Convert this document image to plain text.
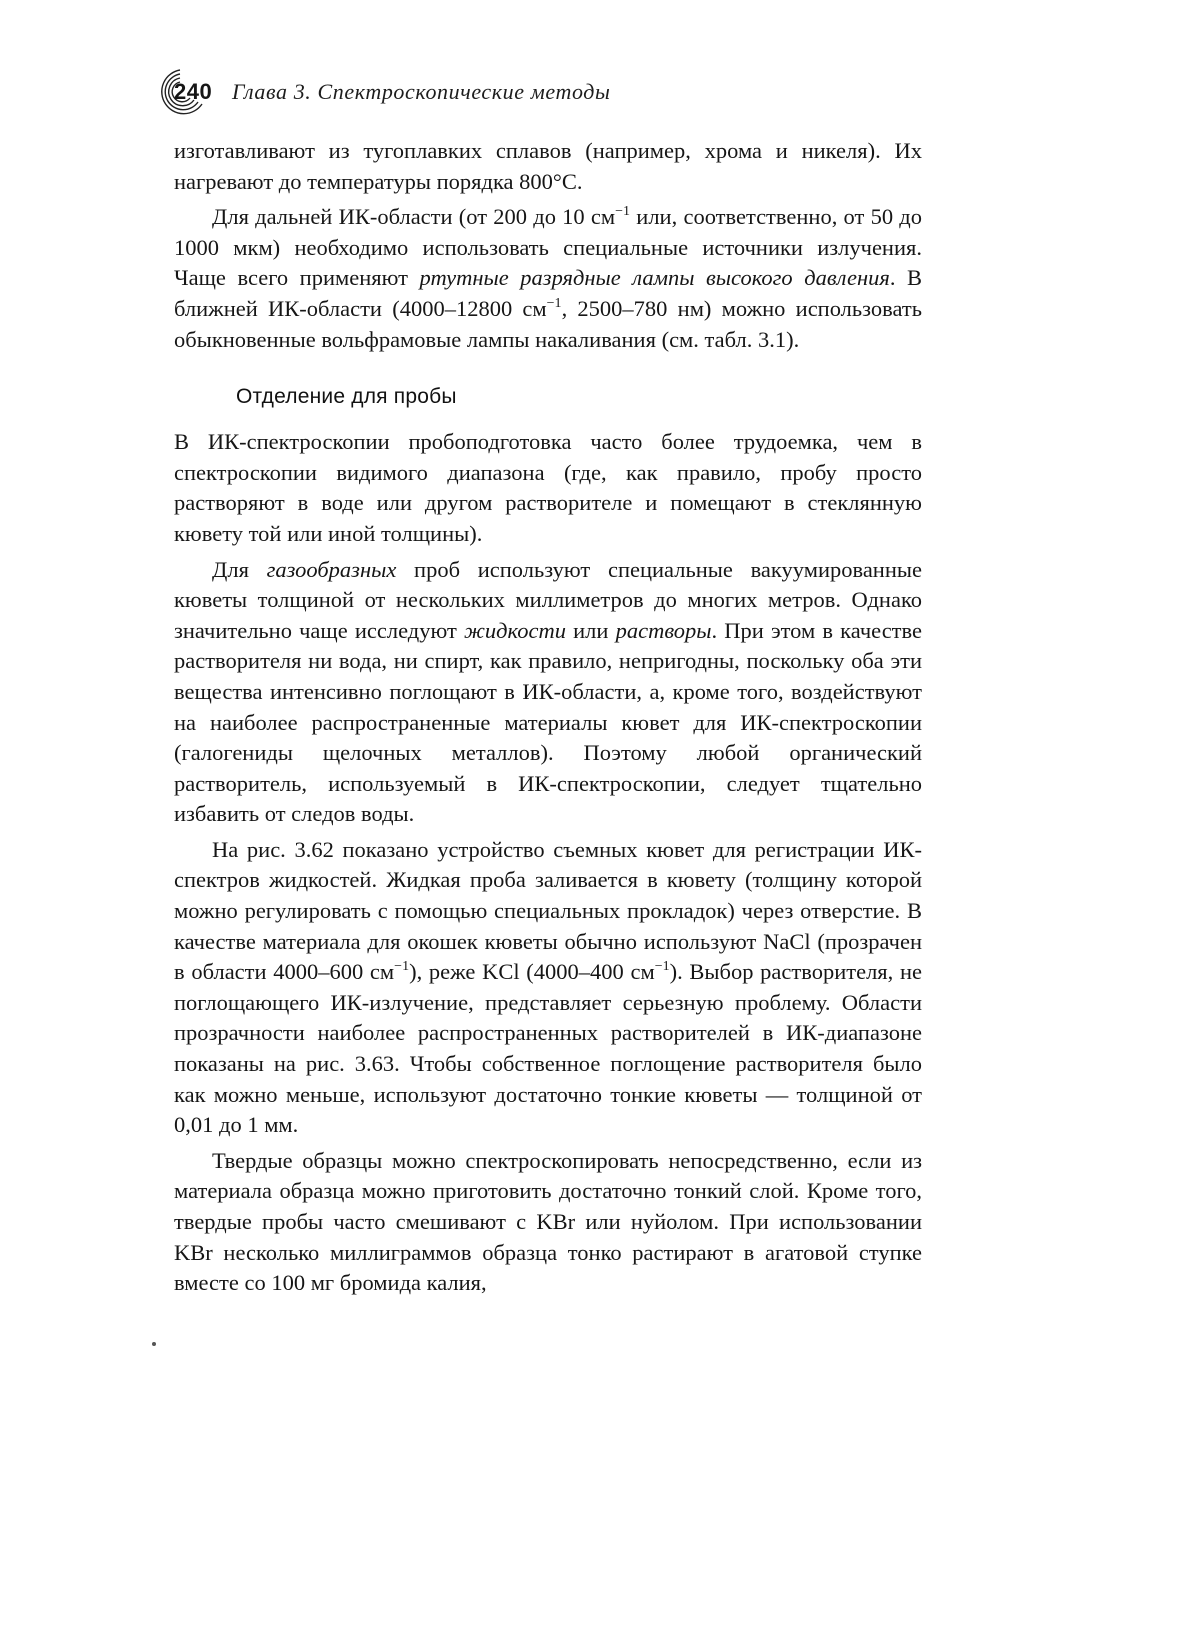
240 Глава 3. Спектроскопические методы

изготавливают из тугоплавких сплавов (например, хрома и никеля). Их нагревают до температуры порядка 800°C.

Для дальней ИК-области (от 200 до 10 $см^{-1}$ или, соответственно, от 50 до 1000 мкм) необходимо использовать специальные источники излучения. Чаще всего применяют ртутные разрядные лампы высокого давления. В ближней ИК-области (4000–12800 $см^{-1}$, 2500–780 нм) можно использовать обыкновенные вольфрамовые лампы накаливания (см. табл. 3.1).

Отделение для пробы

В ИК-спектроскопии пробоподготовка часто более трудоемка, чем в спектроскопии видимого диапазона (где, как правило, пробу просто растворяют в воде или другом растворителе и помещают в стеклянную кювету той или иной толщины).

Для газообразных проб используют специальные вакуумированные кюветы толщиной от нескольких миллиметров до многих метров. Однако значительно чаще исследуют жидкости или растворы. При этом в качестве растворителя ни вода, ни спирт, как правило, непригодны, поскольку оба эти вещества интенсивно поглощают в ИК-области, а, кроме того, воздействуют на наиболее распространенные материалы кювет для ИК-спектроскопии (галогениды щелочных металлов). Поэтому любой органический растворитель, используемый в ИК-спектроскопии, следует тщательно избавить от следов воды.

На рис. 3.62 показано устройство съемных кювет для регистрации ИК-спектров жидкостей. Жидкая проба заливается в кювету (толщину которой можно регулировать с помощью специальных прокладок) через отверстие. В качестве материала для окошек кюветы обычно используют NaCl (прозрачен в области 4000–600 $см^{-1}$), реже KCl (4000–400 $см^{-1}$). Выбор растворителя, не поглощающего ИК-излучение, представляет серьезную проблему. Области прозрачности наиболее распространенных растворителей в ИК-диапазоне показаны на рис. 3.63. Чтобы собственное поглощение растворителя было как можно меньше, используют достаточно тонкие кюветы — толщиной от 0,01 до 1 мм.

Твердые образцы можно спектроскопировать непосредственно, если из материала образца можно приготовить достаточно тонкий слой. Кроме того, твердые пробы часто смешивают с KBr или нуйолом. При использовании KBr несколько миллиграммов образца тонко растирают в агатовой ступке вместе со 100 мг бромида калия,
